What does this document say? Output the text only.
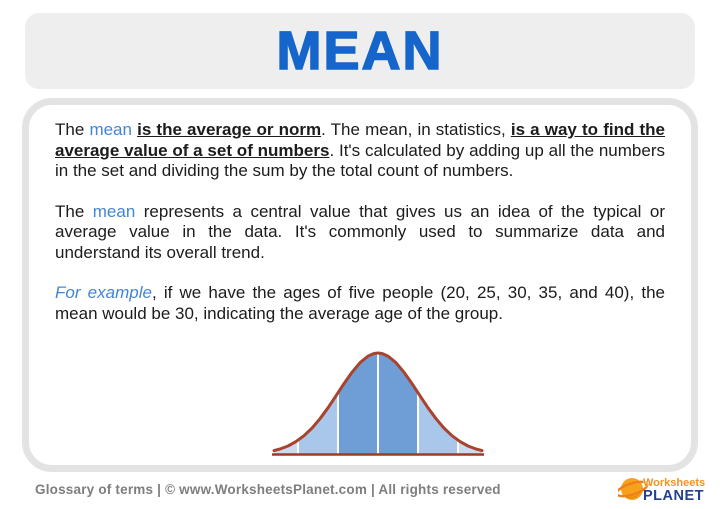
MEAN

The mean is the average or norm. The mean, in statistics, is a way to find the average value of a set of numbers. It's calculated by adding up all the numbers in the set and dividing the sum by the total count of numbers.

The mean represents a central value that gives us an idea of the typical or average value in the data. It's commonly used to summarize data and understand its overall trend.

For example, if we have the ages of five people (20, 25, 30, 35, and 40), the mean would be 30, indicating the average age of the group.

Glossary of terms | © www.WorksheetsPlanet.com | All rights reserved	Worksheets
PLANET
